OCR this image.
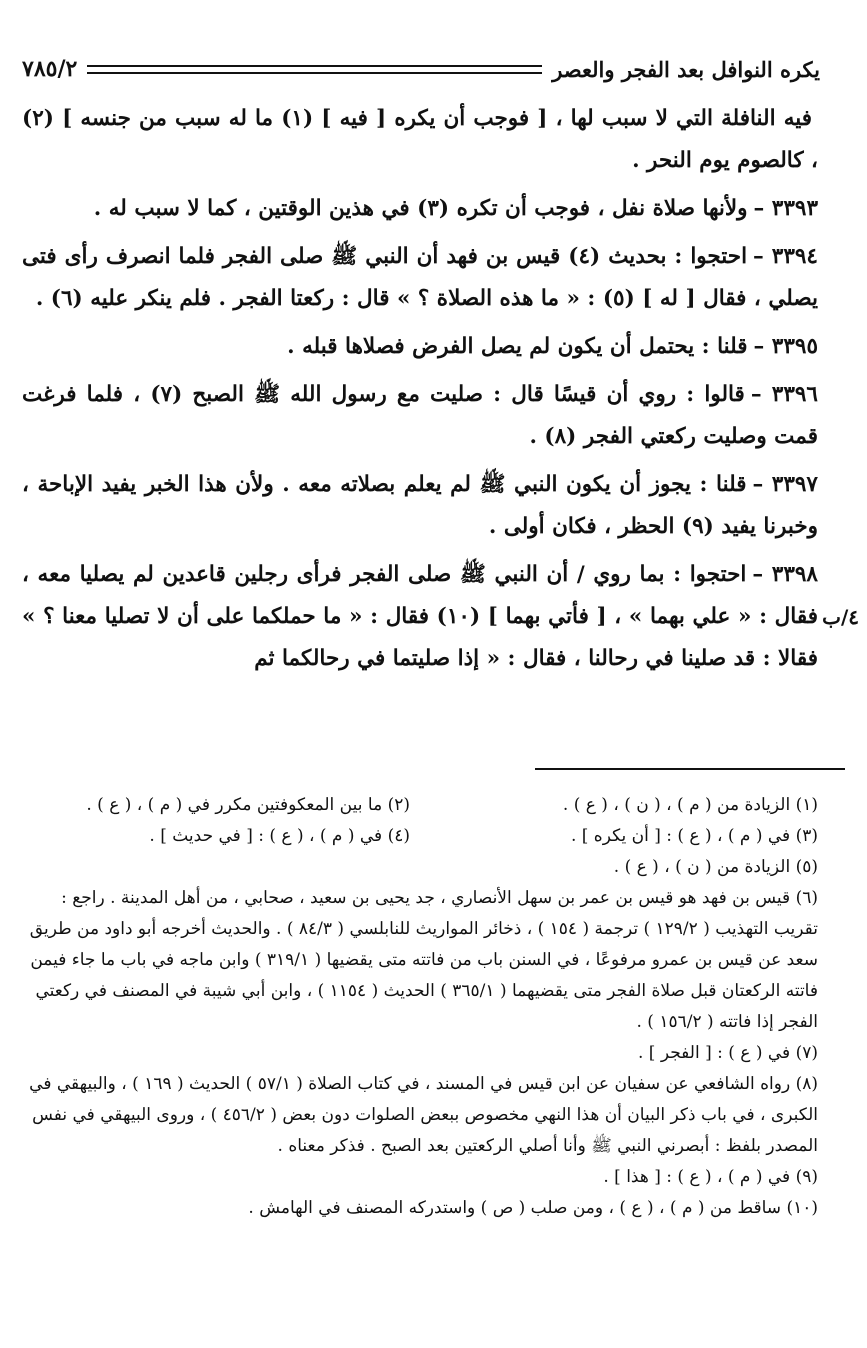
يكره النوافل بعد الفجر والعصر
٧٨٥/٢
٤/ب

فيه النافلة التي لا سبب لها ، [ فوجب أن يكره [ فيه ] (١) ما له سبب من جنسه ] (٢) ، كالصوم يوم النحر .

٣٣٩٣ –ولأنها صلاة نفل ، فوجب أن تكره (٣) في هذين الوقتين ، كما لا سبب له .

٣٣٩٤ –احتجوا : بحديث (٤) قيس بن فهد أن النبي ﷺ صلى الفجر فلما انصرف رأى فتى يصلي ، فقال [ له ] (٥) : « ما هذه الصلاة ؟ » قال : ركعتا الفجر . فلم ينكر عليه (٦) .

٣٣٩٥ –قلنا : يحتمل أن يكون لم يصل الفرض فصلاها قبله .

٣٣٩٦ –قالوا : روي أن قيسًا قال : صليت مع رسول الله ﷺ الصبح (٧) ، فلما فرغت قمت وصليت ركعتي الفجر (٨) .

٣٣٩٧ –قلنا : يجوز أن يكون النبي ﷺ لم يعلم بصلاته معه . ولأن هذا الخبر يفيد الإباحة ، وخبرنا يفيد (٩) الحظر ، فكان أولى .

٣٣٩٨ –احتجوا : بما روي / أن النبي ﷺ صلى الفجر فرأى رجلين قاعدين لم يصليا معه ، فقال : « علي بهما » ، [ فأتي بهما ] (١٠) فقال : « ما حملكما على أن لا تصليا معنا ؟ » فقالا : قد صلينا في رحالنا ، فقال : « إذا صليتما في رحالكما ثم

(١) الزيادة من ( م ) ، ( ن ) ، ( ع ) .

(٢) ما بين المعكوفتين مكرر في ( م ) ، ( ع ) .

(٣) في ( م ) ، ( ع ) : [ أن يكره ] .

(٤) في ( م ) ، ( ع ) : [ في حديث ] .

(٥) الزيادة من ( ن ) ، ( ع ) .

(٦) قيس بن فهد هو قيس بن عمر بن سهل الأنصاري ، جد يحيى بن سعيد ، صحابي ، من أهل المدينة . راجع : تقريب التهذيب ( ١٢٩/٢ ) ترجمة ( ١٥٤ ) ، ذخائر المواريث للنابلسي ( ٨٤/٣ ) . والحديث أخرجه أبو داود من طريق سعد عن قيس بن عمرو مرفوعًا ، في السنن باب من فاتته متى يقضيها ( ٣١٩/١ ) وابن ماجه في باب ما جاء فيمن فاتته الركعتان قبل صلاة الفجر متى يقضيهما ( ٣٦٥/١ ) الحديث ( ١١٥٤ ) ، وابن أبي شيبة في المصنف في ركعتي الفجر إذا فاتته ( ١٥٦/٢ ) .

(٧) في ( ع ) : [ الفجر ] .

(٨) رواه الشافعي عن سفيان عن ابن قيس في المسند ، في كتاب الصلاة ( ٥٧/١ ) الحديث ( ١٦٩ ) ، والبيهقي في الكبرى ، في باب ذكر البيان أن هذا النهي مخصوص ببعض الصلوات دون بعض ( ٤٥٦/٢ ) ، وروى البيهقي في نفس المصدر بلفظ : أبصرني النبي ﷺ وأنا أصلي الركعتين بعد الصبح . فذكر معناه .

(٩) في ( م ) ، ( ع ) : [ هذا ] .

(١٠) ساقط من ( م ) ، ( ع ) ، ومن صلب ( ص ) واستدركه المصنف في الهامش .
